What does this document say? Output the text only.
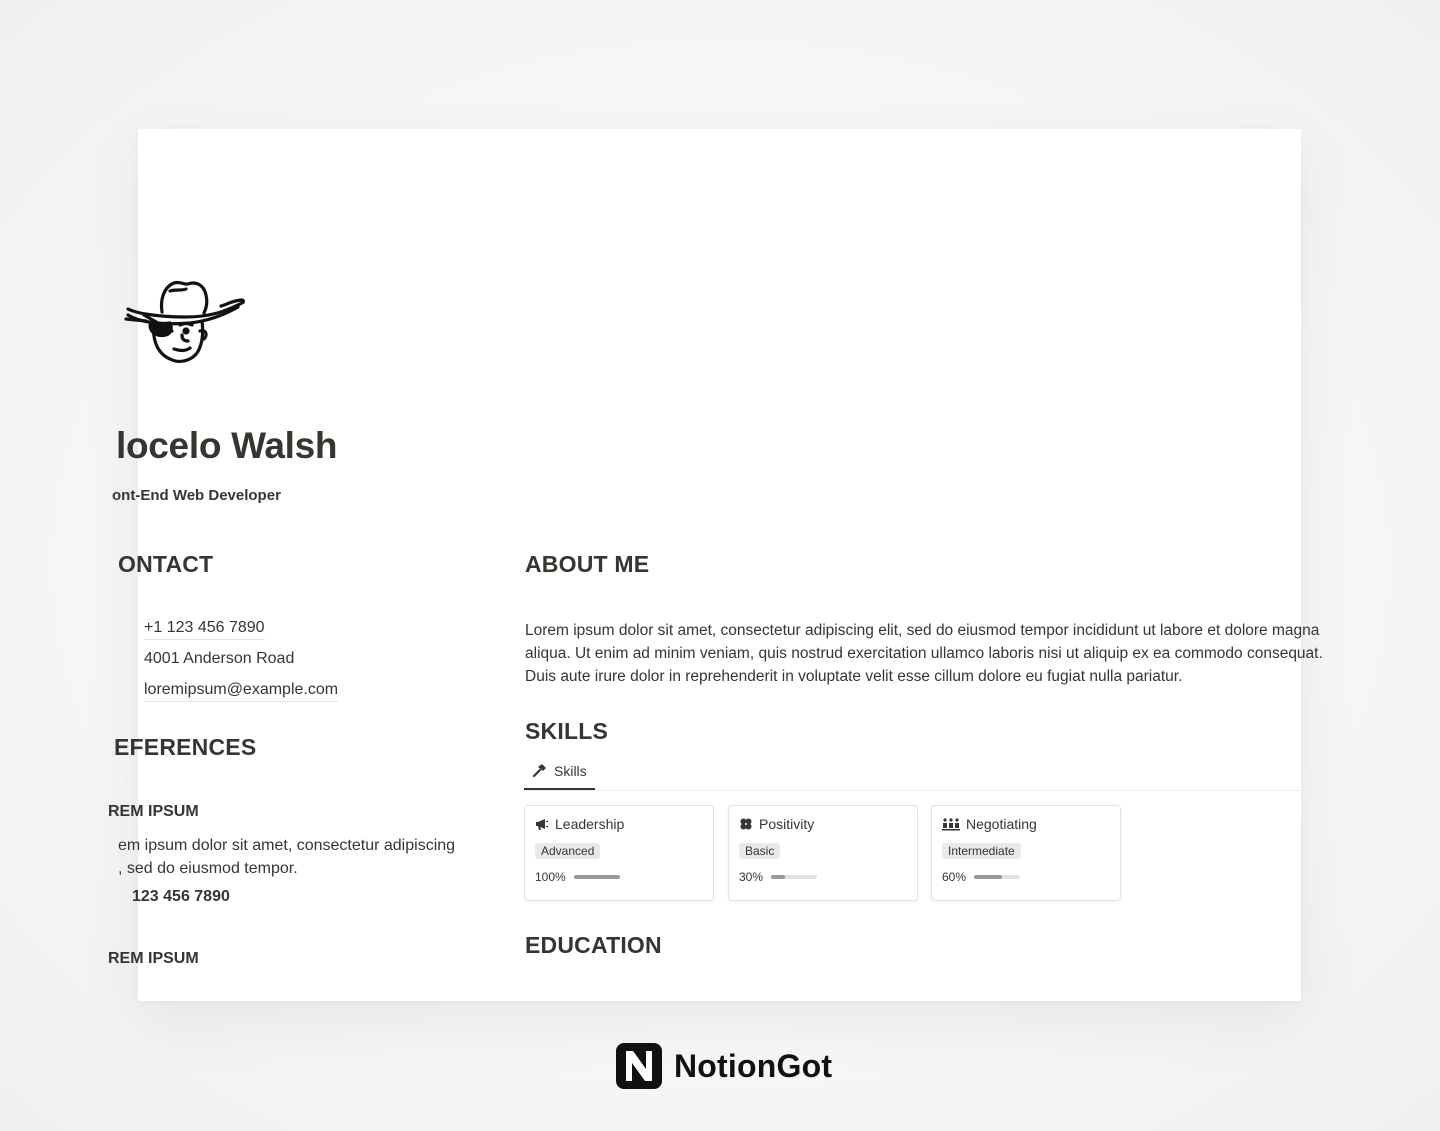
locelo Walsh
ont-End Web Developer
ONTACT
+1 123 456 7890
4001 Anderson Road
loremipsum@example.com
EFERENCES
REM IPSUM
em ipsum dolor sit amet, consectetur adipiscing
, sed do eiusmod tempor.
123 456 7890
REM IPSUM
ABOUT ME
Lorem ipsum dolor sit amet, consectetur adipiscing elit, sed do eiusmod tempor incididunt ut labore et dolore magna aliqua. Ut enim ad minim veniam, quis nostrud exercitation ullamco laboris nisi ut aliquip ex ea commodo consequat. Duis aute irure dolor in reprehenderit in voluptate velit esse cillum dolore eu fugiat nulla pariatur.
SKILLS
Skills
Leadership
Advanced
100%
Positivity
Basic
30%
Negotiating
Intermediate
60%
EDUCATION
NotionGot
